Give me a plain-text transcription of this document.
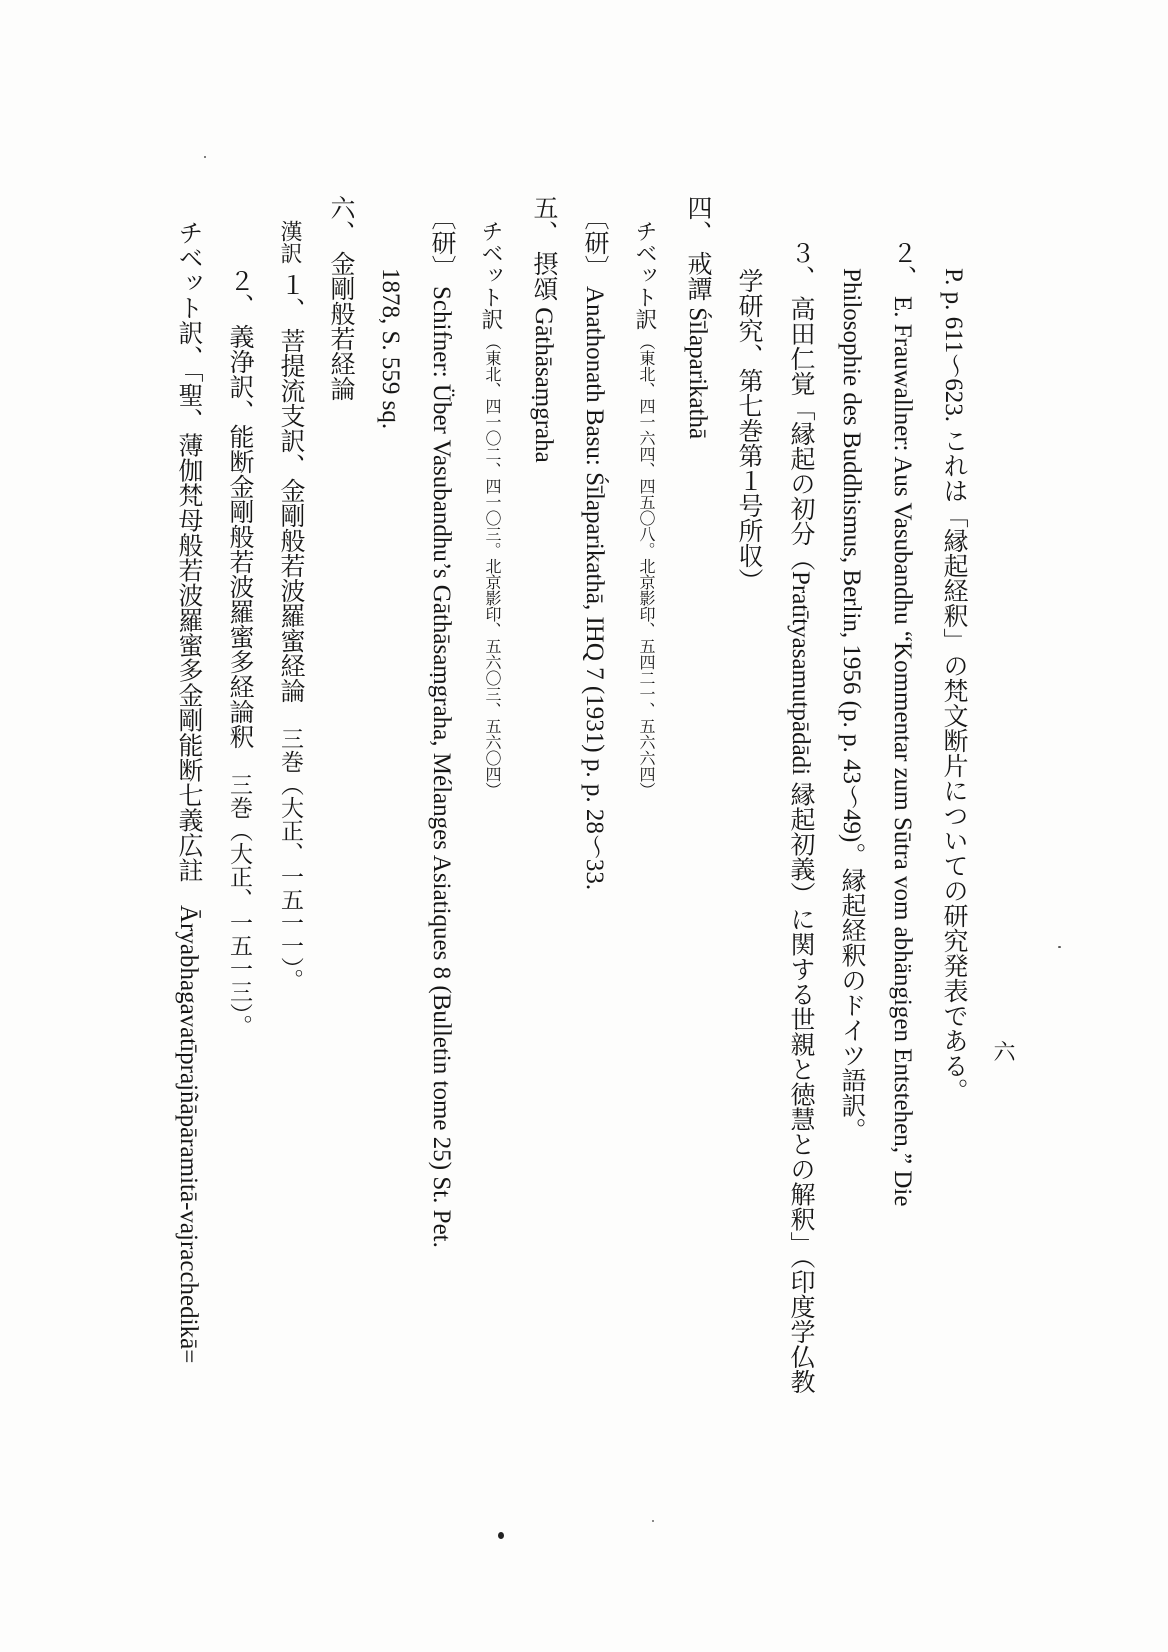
六
P. p. 611～623. これは「縁起経釈」の梵文断片についての研究発表である。
２、E. Frauwallner: Aus Vasubandhu “Kommentar zum Sūtra vom abhängigen Entstehen,” Die
Philosophie des Buddhismus, Berlin, 1956 (p. p. 43～49)。縁起経釈のドイツ語訳。
３、高田仁覚「縁起の初分（Pratītyasamutpādādi 縁起初義）に関する世親と徳慧との解釈」（印度学仏教
学研究、第七巻第１号所収）
四、戒譚 Śīlaparikathā
チベット訳（東北、四一六四、四五〇八。北京影印、五四二一、五六六四）
〔研〕Anathonath Basu: Śīlaparikathā, IHQ 7 (1931) p. p. 28～33.
五、摂頌 Gāthāsaṃgraha
チベット訳（東北、四一〇二、四一〇三。北京影印、五六〇三、五六〇四）
〔研〕Schifner: Über Vasubandhu’s Gāthāsaṃgraha, Mélanges Asiatiques 8 (Bulletin tome 25) St. Pet.
1878, S. 559 sq.
六、金剛般若経論
漢訳１、菩提流支訳、金剛般若波羅蜜経論三巻（大正、一五一一）。
２、義浄訳、能断金剛般若波羅蜜多経論釈三巻（大正、一五一三）。
チベット訳、「聖、薄伽梵母般若波羅蜜多金剛能断七義広註Āryabhagavatīprajñāpāramitā-vajracchedikā=
